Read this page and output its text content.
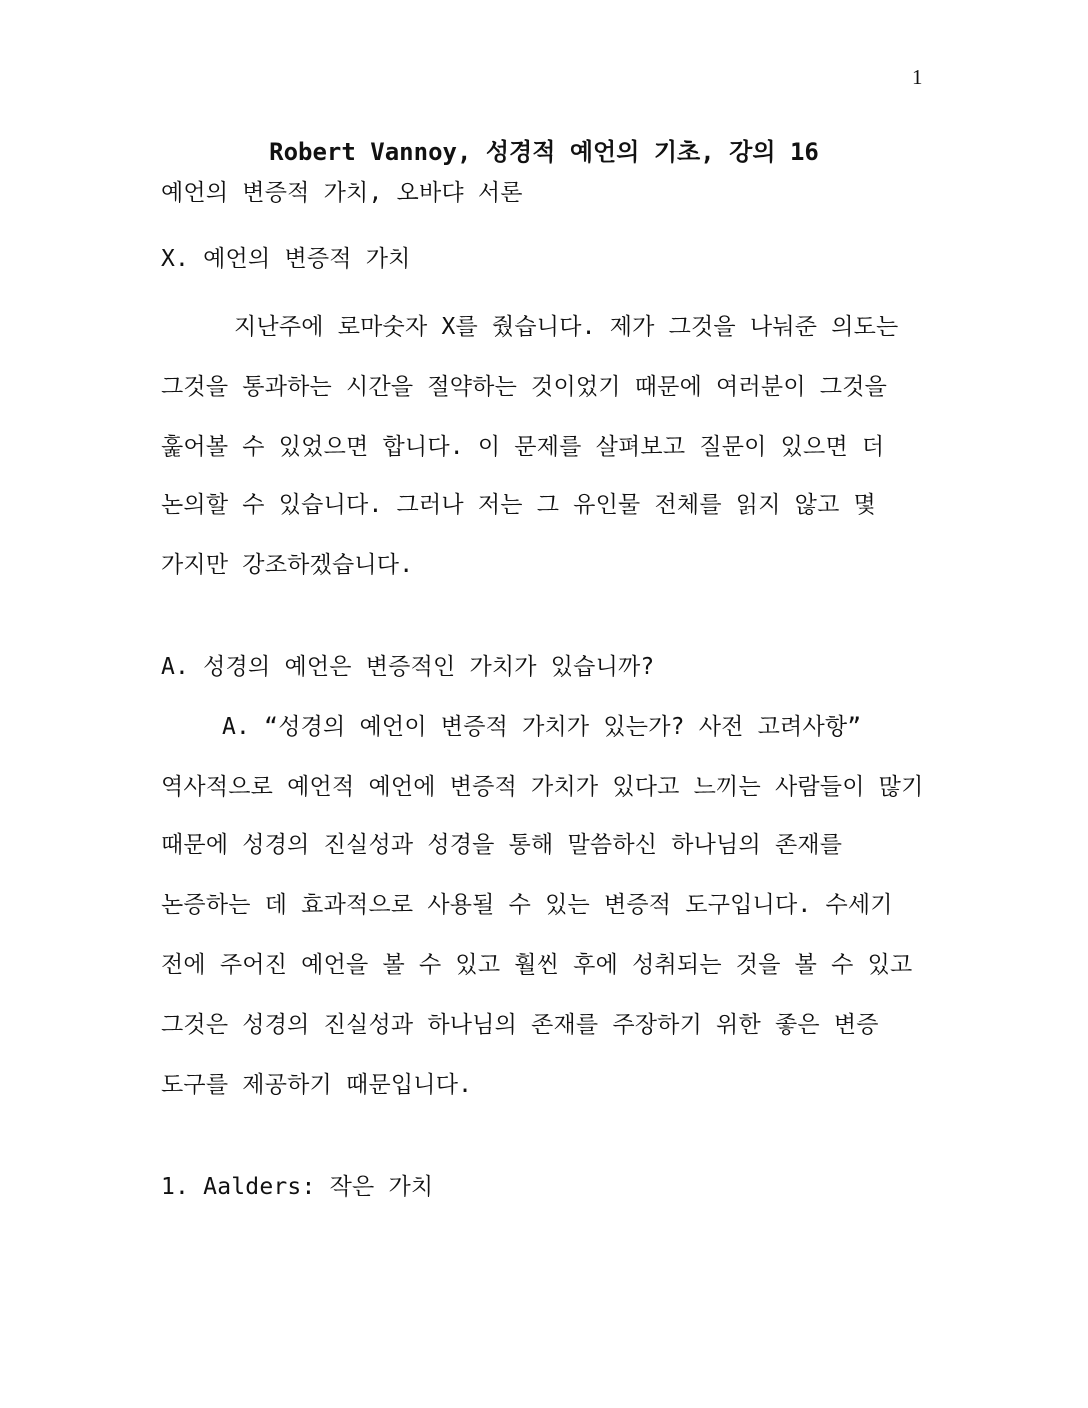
1
Robert Vannoy, 성경적 예언의 기초, 강의 16

예언의 변증적 가치, 오바댜 서론

X. 예언의 변증적 가치

지난주에 로마숫자 X를 줬습니다. 제가 그것을 나눠준 의도는

그것을 통과하는 시간을 절약하는 것이었기 때문에 여러분이 그것을

훑어볼 수 있었으면 합니다. 이 문제를 살펴보고 질문이 있으면 더

논의할 수 있습니다. 그러나 저는 그 유인물 전체를 읽지 않고 몇

가지만 강조하겠습니다.

A. 성경의 예언은 변증적인 가치가 있습니까?

A. “성경의 예언이 변증적 가치가 있는가? 사전 고려사항”

역사적으로 예언적 예언에 변증적 가치가 있다고 느끼는 사람들이 많기

때문에 성경의 진실성과 성경을 통해 말씀하신 하나님의 존재를

논증하는 데 효과적으로 사용될 수 있는 변증적 도구입니다. 수세기

전에 주어진 예언을 볼 수 있고 훨씬 후에 성취되는 것을 볼 수 있고

그것은 성경의 진실성과 하나님의 존재를 주장하기 위한 좋은 변증

도구를 제공하기 때문입니다.

1. Aalders: 작은 가치
